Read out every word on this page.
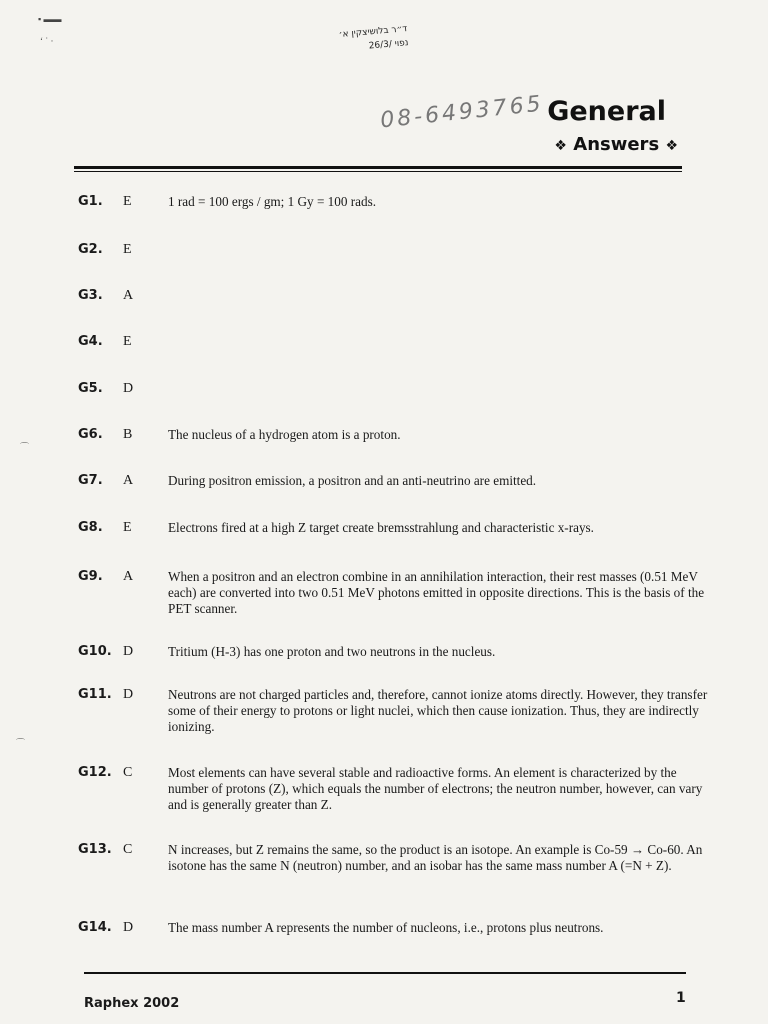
▪ ▬▬
‘ ˙ ·
⌒
⌒
ד״ר בלושיצקין א׳
26/3/ נפוי
08-6493765 General
❖ Answers ❖
G1.	E	1 rad = 100 ergs / gm; 1 Gy = 100 rads.
G2.	E
G3.	A
G4.	E
G5.	D
G6.	B	The nucleus of a hydrogen atom is a proton.
G7.	A	During positron emission, a positron and an anti-neutrino are emitted.
G8.	E	Electrons fired at a high Z target create bremsstrahlung and characteristic x-rays.
G9.	A	When a positron and an electron combine in an annihilation interaction, their rest masses (0.51 MeV each) are converted into two 0.51 MeV photons emitted in opposite directions. This is the basis of the PET scanner.
G10. D	Tritium (H-3) has one proton and two neutrons in the nucleus.
G11. D	Neutrons are not charged particles and, therefore, cannot ionize atoms directly. However, they transfer some of their energy to protons or light nuclei, which then cause ionization. Thus, they are indirectly ionizing.
G12. C	Most elements can have several stable and radioactive forms. An element is characterized by the number of protons (Z), which equals the number of electrons; the neutron number, however, can vary and is generally greater than Z.
G13. C	N increases, but Z remains the same, so the product is an isotope. An example is Co-59 → Co-60. An isotone has the same N (neutron) number, and an isobar has the same mass number A (=N + Z).
G14. D	The mass number A represents the number of nucleons, i.e., protons plus neutrons.
Raphex 2002	1
